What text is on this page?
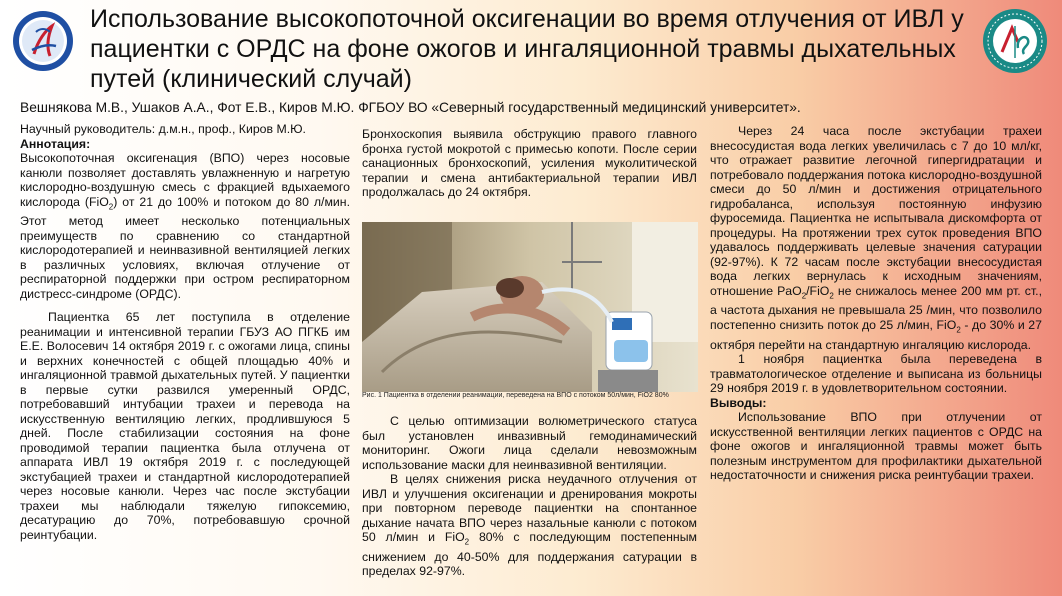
Использование высокопоточной оксигенации во время отлучения от ИВЛ у пациентки с ОРДС на фоне ожогов и ингаляционной травмы дыхательных путей (клинический случай)
Вешнякова М.В., Ушаков А.А., Фот Е.В., Киров М.Ю. ФГБОУ ВО «Северный государственный медицинский университет».

Научный руководитель: д.м.н., проф., Киров М.Ю.

Аннотация:

Высокопоточная оксигенация (ВПО) через носовые канюли позволяет доставлять увлажненную и нагретую кислородно-воздушную смесь с фракцией вдыхаемого кислорода (FiO$_2$) от 21 до 100% и потоком до 80 л/мин. Этот метод имеет несколько потенциальных преимуществ по сравнению со стандартной кислородотерапией и неинвазивной вентиляцией легких в различных условиях, включая отлучение от респираторной поддержки при остром респираторном дистресс-синдроме (ОРДС).

Пациентка 65 лет поступила в отделение реанимации и интенсивной терапии ГБУЗ АО ПГКБ им Е.Е. Волосевич 14 октября 2019 г. с ожогами лица, спины и верхних конечностей с общей площадью 40% и ингаляционной травмой дыхательных путей. У пациентки в первые сутки развился умеренный ОРДС, потребовавший интубации трахеи и перевода на искусственную вентиляцию легких, продлившуюся 5 дней. После стабилизации состояния на фоне проводимой терапии пациентка была отлучена от аппарата ИВЛ 19 октября 2019 г. с последующей экстубацией трахеи и стандартной кислородотерапией через носовые канюли. Через час после экстубации трахеи мы наблюдали тяжелую гипоксемию, десатурацию до 70%, потребовавшую срочной реинтубации.

Бронхоскопия выявила обструкцию правого главного бронха густой мокротой с примесью копоти. После серии санационных бронхоскопий, усиления муколитической терапии и смена антибактериальной терапии ИВЛ продолжалась до 24 октября.
Рис. 1 Пациентка в отделении реанимации, переведена на ВПО с потоком 50л/мин, FiO2 80%

С целью оптимизации волюметрического статуса был установлен инвазивный гемодинамический мониторинг. Ожоги лица сделали невозможным использование маски для неинвазивной вентиляции.

В целях снижения риска неудачного отлучения от ИВЛ и улучшения оксигенации и дренирования мокроты при повторном переводе пациентки на спонтанное дыхание начата ВПО через назальные канюли с потоком 50 л/мин и FiO$_2$ 80% с последующим постепенным снижением до 40-50% для поддержания сатурации в пределах 92-97%.

Через 24 часа после экстубации трахеи внесосудистая вода легких увеличилась с 7 до 10 мл/кг, что отражает развитие легочной гипергидратации и потребовало поддержания потока кислородно-воздушной смеси до 50 л/мин и достижения отрицательного гидробаланса, используя постоянную инфузию фуросемида. Пациентка не испытывала дискомфорта от процедуры. На протяжении трех суток проведения ВПО удавалось поддерживать целевые значения сатурации (92-97%). К 72 часам после экстубации внесосудистая вода легких вернулась к исходным значениям, отношение PaO$_2$/FiO$_2$ не снижалось менее 200 мм рт. ст., а частота дыхания не превышала 25 /мин, что позволило постепенно снизить поток до 25 л/мин, FiO$_2$ - до 30% и 27 октября перейти на стандартную ингаляцию кислорода.

1 ноября пациентка была переведена в травматологическое отделение и выписана из больницы 29 ноября 2019 г. в удовлетворительном состоянии.

Выводы:

Использование ВПО при отлучении от искусственной вентиляции легких пациентов с ОРДС на фоне ожогов и ингаляционной травмы может быть полезным инструментом для профилактики дыхательной недостаточности и снижения риска реинтубации трахеи.
